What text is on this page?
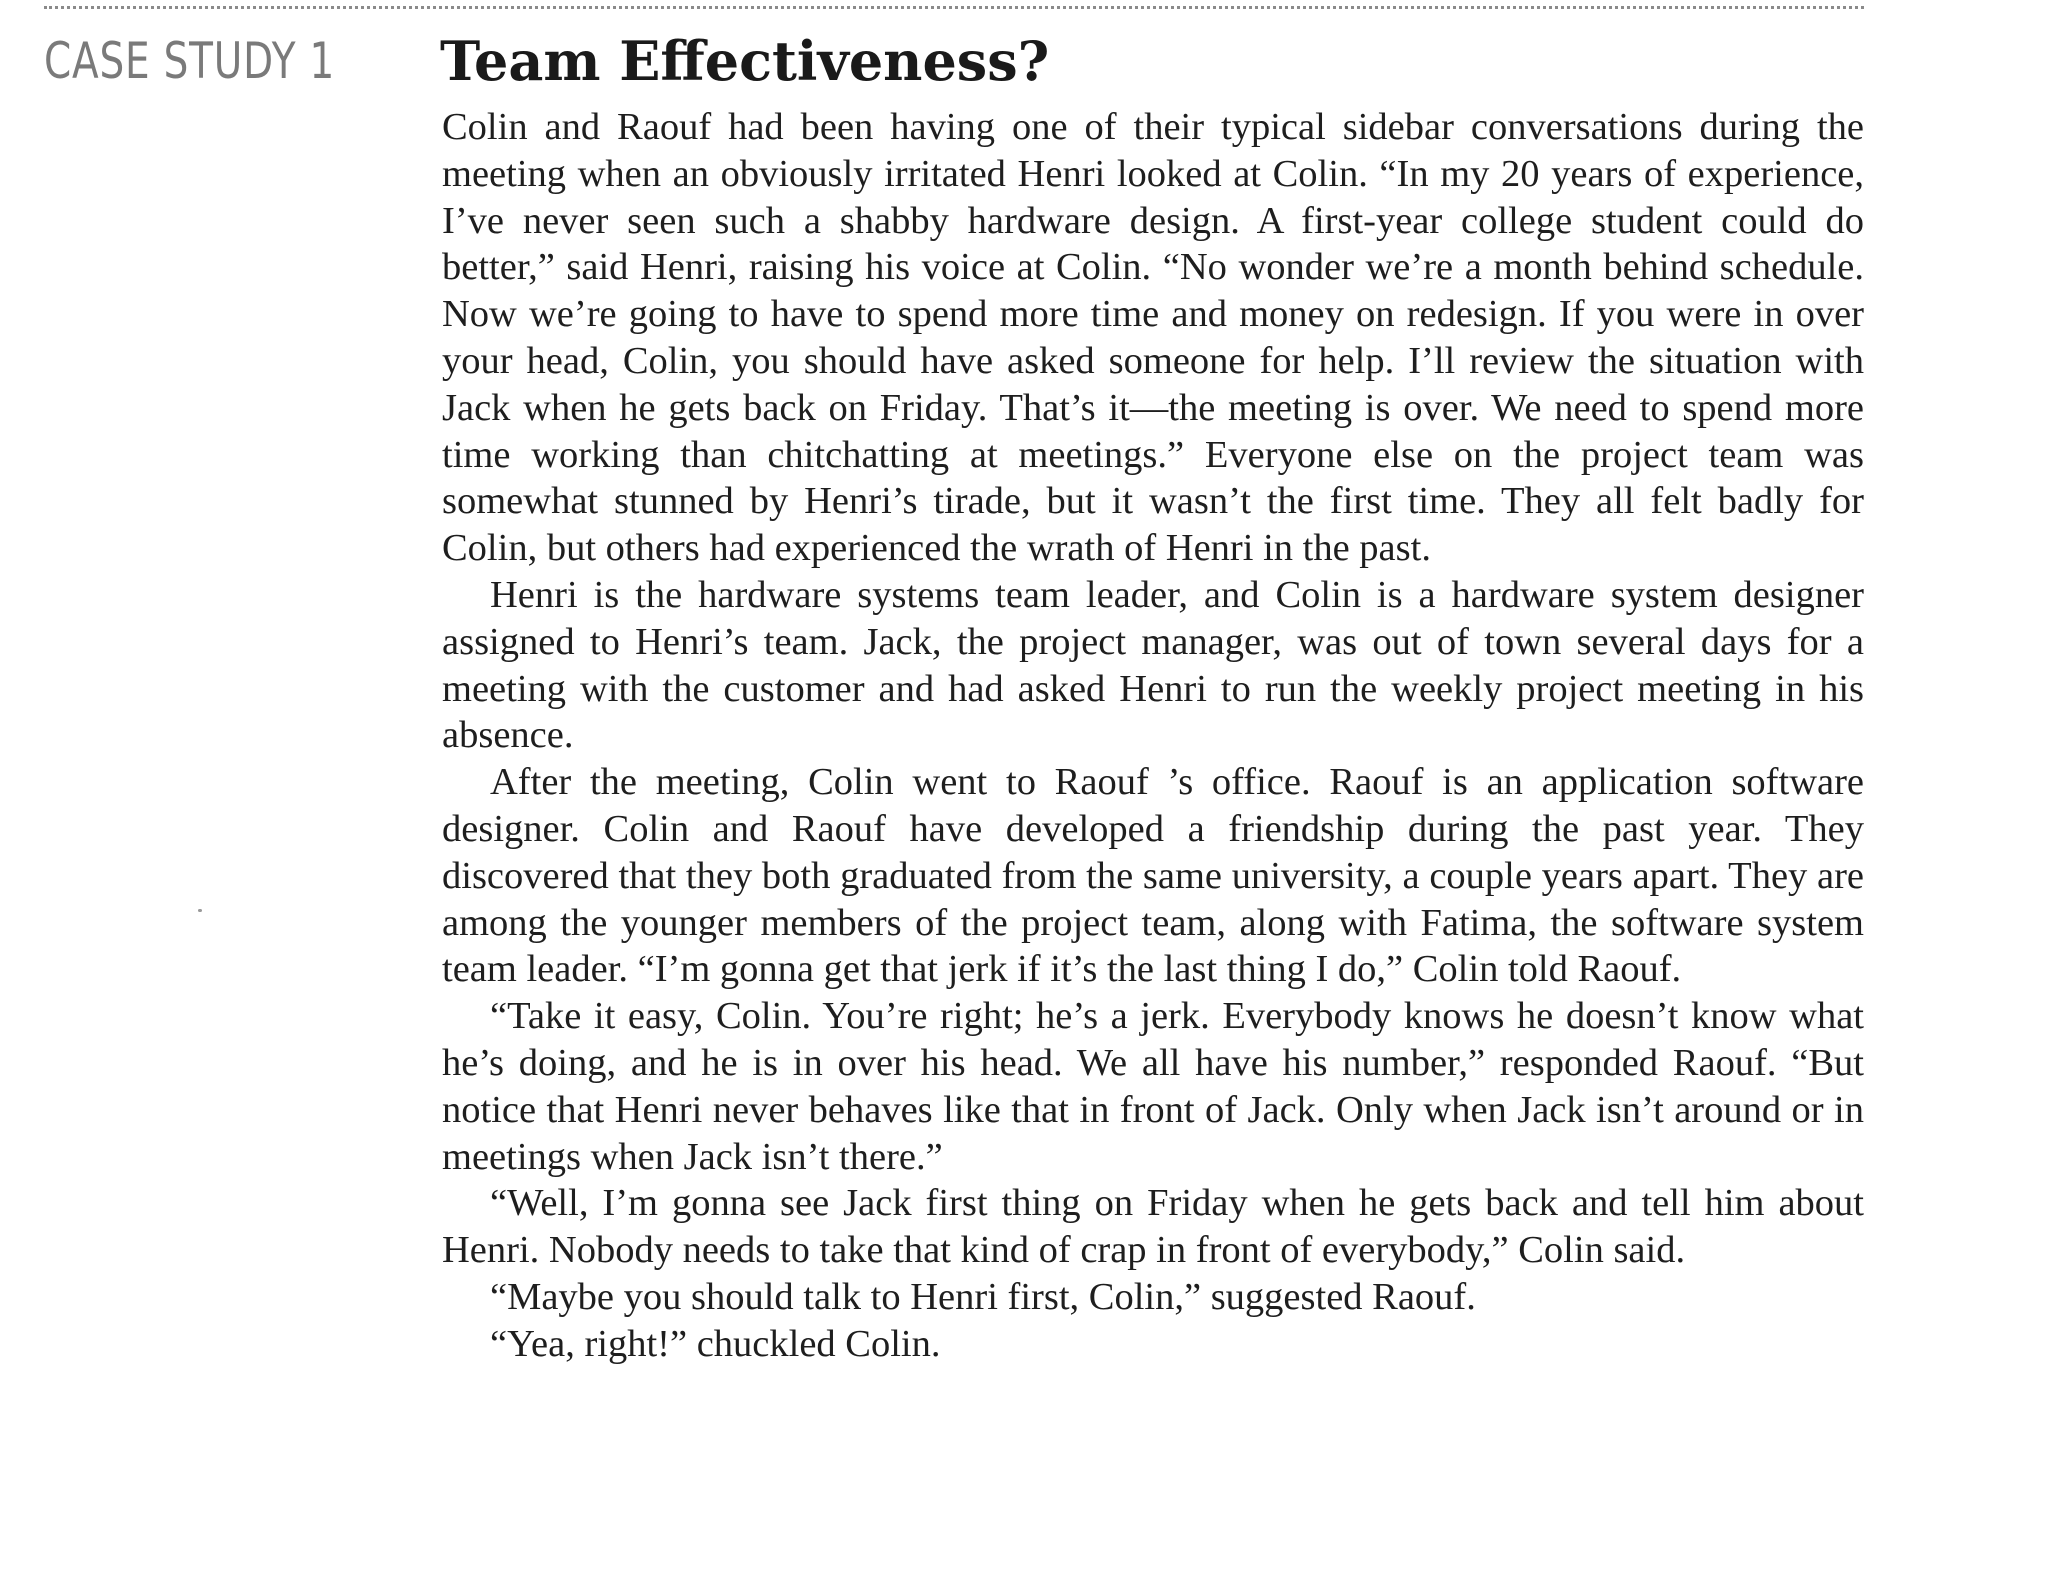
CASE STUDY 1 Team Effectiveness?

Colin and Raouf had been having one of their typical sidebar conversations during the meeting when an obviously irritated Henri looked at Colin. “In my 20 years of experience, I’ve never seen such a shabby hardware design. A first-year college student could do better,” said Henri, raising his voice at Colin. “No wonder we’re a month behind schedule. Now we’re going to have to spend more time and money on redesign. If you were in over your head, Colin, you should have asked someone for help. I’ll review the situation with Jack when he gets back on Friday. That’s it—the meeting is over. We need to spend more time working than chitchatting at meetings.” Everyone else on the project team was somewhat stunned by Henri’s tirade, but it wasn’t the first time. They all felt badly for Colin, but others had experienced the wrath of Henri in the past.

Henri is the hardware systems team leader, and Colin is a hardware system designer assigned to Henri’s team. Jack, the project manager, was out of town several days for a meeting with the customer and had asked Henri to run the weekly project meeting in his absence.

After the meeting, Colin went to Raouf ’s office. Raouf is an application software designer. Colin and Raouf have developed a friendship during the past year. They discovered that they both graduated from the same university, a couple years apart. They are among the younger members of the project team, along with Fatima, the software system team leader. “I’m gonna get that jerk if it’s the last thing I do,” Colin told Raouf.

“Take it easy, Colin. You’re right; he’s a jerk. Everybody knows he doesn’t know what he’s doing, and he is in over his head. We all have his number,” responded Raouf. “But notice that Henri never behaves like that in front of Jack. Only when Jack isn’t around or in meetings when Jack isn’t there.”

“Well, I’m gonna see Jack first thing on Friday when he gets back and tell him about Henri. Nobody needs to take that kind of crap in front of everybody,” Colin said.

“Maybe you should talk to Henri first, Colin,” suggested Raouf.

“Yea, right!” chuckled Colin.
